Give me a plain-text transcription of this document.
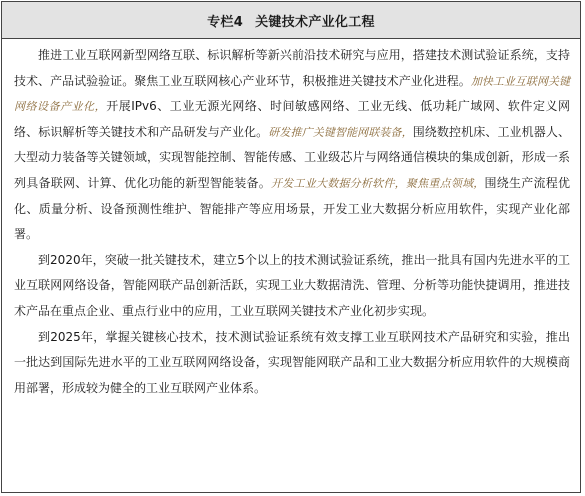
专栏4 关键技术产业化工程

推进工业互联网新型网络互联、标识解析等新兴前沿技术研究与应用，搭建技术测试验证系统，支持技术、产品试验验证。聚焦工业互联网核心产业环节，积极推进关键技术产业化进程。加快工业互联网关键网络设备产业化，开展IPv6、工业无源光网络、时间敏感网络、工业无线、低功耗广域网、软件定义网络、标识解析等关键技术和产品研发与产业化。研发推广关键智能网联装备，围绕数控机床、工业机器人、大型动力装备等关键领域，实现智能控制、智能传感、工业级芯片与网络通信模块的集成创新，形成一系列具备联网、计算、优化功能的新型智能装备。开发工业大数据分析软件，聚焦重点领域，围绕生产流程优化、质量分析、设备预测性维护、智能排产等应用场景，开发工业大数据分析应用软件，实现产业化部署。

到2020年，突破一批关键技术，建立5个以上的技术测试验证系统，推出一批具有国内先进水平的工业互联网网络设备，智能网联产品创新活跃，实现工业大数据清洗、管理、分析等功能快捷调用，推进技术产品在重点企业、重点行业中的应用，工业互联网关键技术产业化初步实现。

到2025年，掌握关键核心技术，技术测试验证系统有效支撑工业互联网技术产品研究和实验，推出一批达到国际先进水平的工业互联网网络设备，实现智能网联产品和工业大数据分析应用软件的大规模商用部署，形成较为健全的工业互联网产业体系。
